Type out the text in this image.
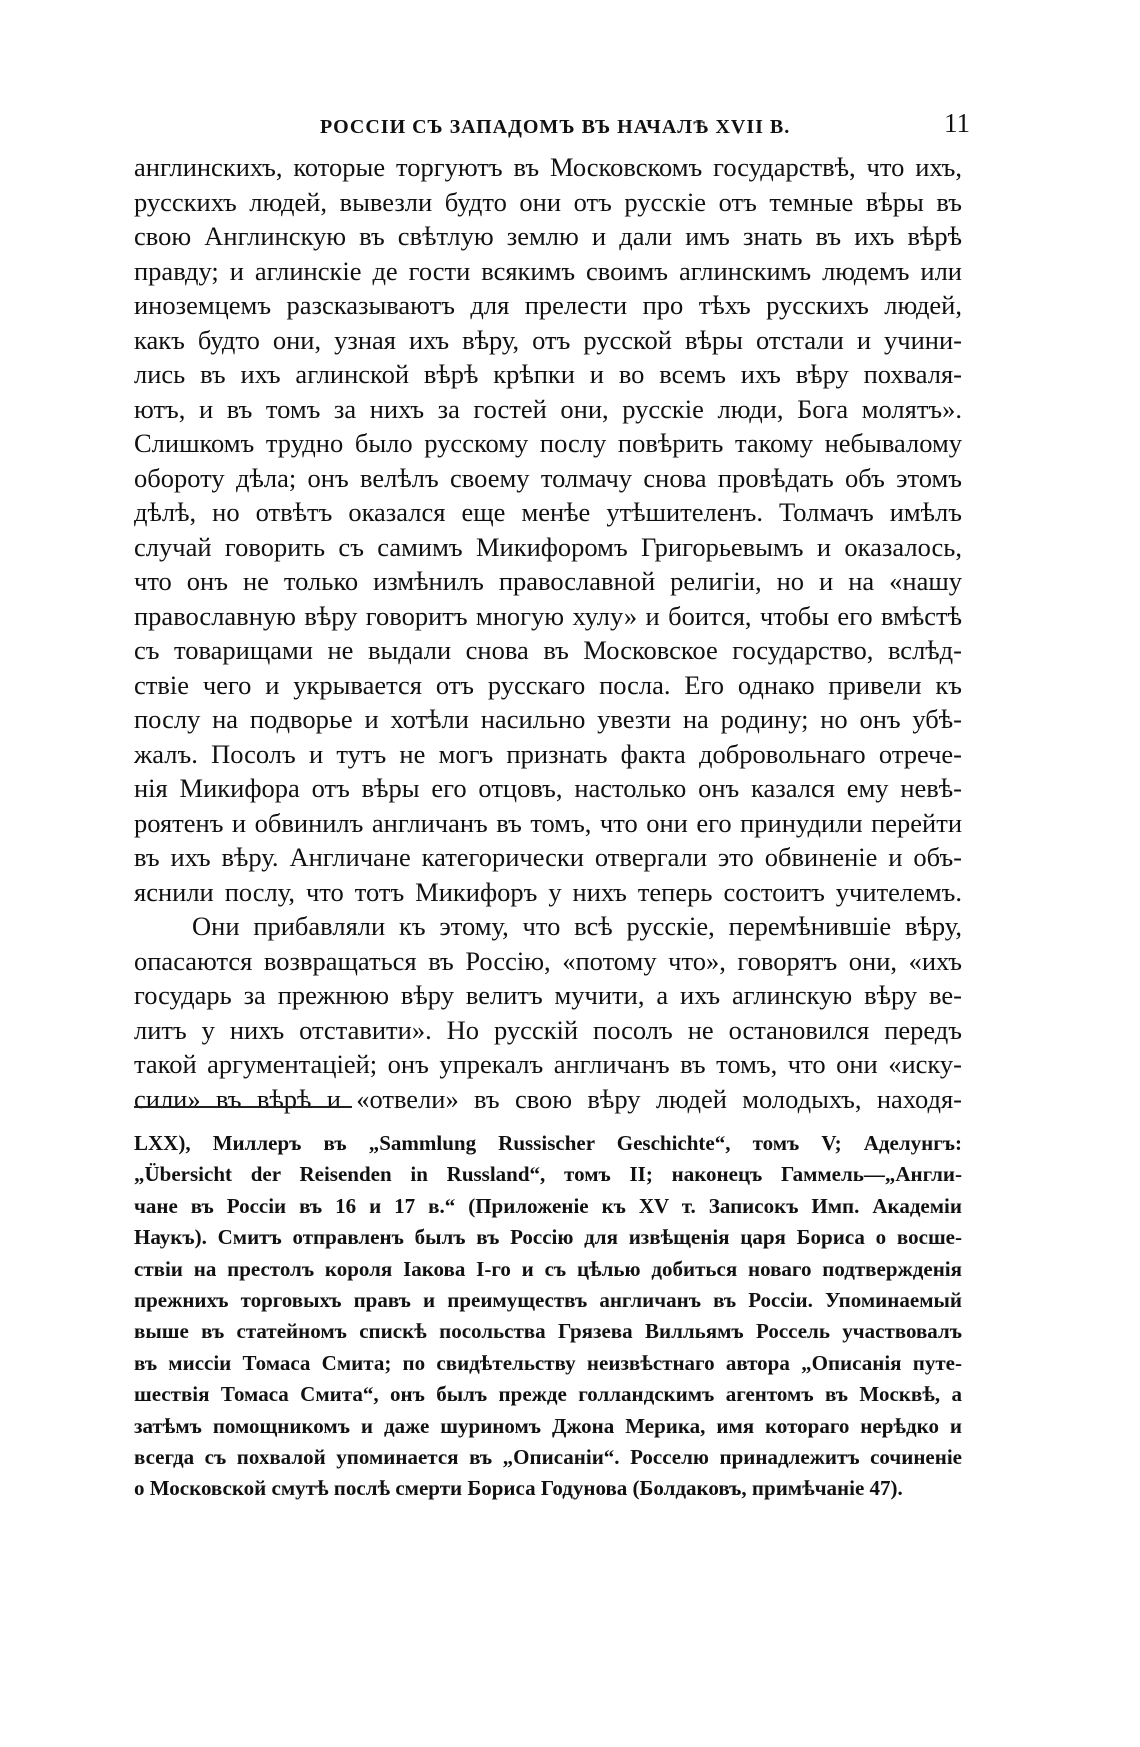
РОССІИ СЪ ЗАПАДОМЪ ВЪ НАЧАЛѢ XVII В.	11
англинскихъ, которые торгуютъ въ Московскомъ государствѣ, что ихъ,
русскихъ людей, вывезли будто они отъ русскіе отъ темные вѣры въ
свою Англинскую въ свѣтлую землю и дали имъ знать въ ихъ вѣрѣ
правду; и аглинскіе де гости всякимъ своимъ аглинскимъ людемъ или
иноземцемъ разсказываютъ для прелести про тѣхъ русскихъ людей,
какъ будто они, узная ихъ вѣру, отъ русской вѣры отстали и учини-
лись въ ихъ аглинской вѣрѣ крѣпки и во всемъ ихъ вѣру похваля-
ютъ, и въ томъ за нихъ за гостей они, русскіе люди, Бога молятъ».
Слишкомъ трудно было русскому послу повѣрить такому небывалому
обороту дѣла; онъ велѣлъ своему толмачу снова провѣдать объ этомъ
дѣлѣ, но отвѣтъ оказался еще менѣе утѣшителенъ. Толмачъ имѣлъ
случай говорить съ самимъ Микифоромъ Григорьевымъ и оказалось,
что онъ не только измѣнилъ православной религіи, но и на «нашу
православную вѣру говоритъ многую хулу» и боится, чтобы его вмѣстѣ
съ товарищами не выдали снова въ Московское государство, вслѣд-
ствіе чего и укрывается отъ русскаго посла. Его однако привели къ
послу на подворье и хотѣли насильно увезти на родину; но онъ убѣ-
жалъ. Посолъ и тутъ не могъ признать факта добровольнаго отрече-
нія Микифора отъ вѣры его отцовъ, настолько онъ казался ему невѣ-
роятенъ и обвинилъ англичанъ въ томъ, что они его принудили перейти
въ ихъ вѣру. Англичане категорически отвергали это обвиненіе и объ-
яснили послу, что тотъ Микифоръ у нихъ теперь состоитъ учителемъ.
Они прибавляли къ этому, что всѣ русскіе, перемѣнившіе вѣру,
опасаются возвращаться въ Россію, «потому что», говорятъ они, «ихъ
государь за прежнюю вѣру велитъ мучити, а ихъ аглинскую вѣру ве-
литъ у нихъ отставити». Но русскій посолъ не остановился передъ
такой аргументаціей; онъ упрекалъ англичанъ въ томъ, что они «иску-
сили» въ вѣрѣ и «отвели» въ свою вѣру людей молодыхъ, находя-
LXX), Миллеръ въ „Sammlung Russischer Geschichte“, томъ V; Аделунгъ:
„Übersicht der Reisenden in Russland“, томъ II; наконецъ Гаммель—„Англи-
чане въ Россіи въ 16 и 17 в.“ (Приложеніе къ XV т. Записокъ Имп. Академіи
Наукъ). Смитъ отправленъ былъ въ Россію для извѣщенія царя Бориса о восше-
ствіи на престолъ короля Іакова I-го и съ цѣлью добиться новаго подтвержденія
прежнихъ торговыхъ правъ и преимуществъ англичанъ въ Россіи. Упоминаемый
выше въ статейномъ спискѣ посольства Грязева Вилльямъ Россель участвовалъ
въ миссіи Томаса Смита; по свидѣтельству неизвѣстнаго автора „Описанія путе-
шествія Томаса Смита“, онъ былъ прежде голландскимъ агентомъ въ Москвѣ, а
затѣмъ помощникомъ и даже шуриномъ Джона Мерика, имя котораго нерѣдко и
всегда съ похвалой упоминается въ „Описаніи“. Росселю принадлежитъ сочиненіе
о Московской смутѣ послѣ смерти Бориса Годунова (Болдаковъ, примѣчаніе 47).
